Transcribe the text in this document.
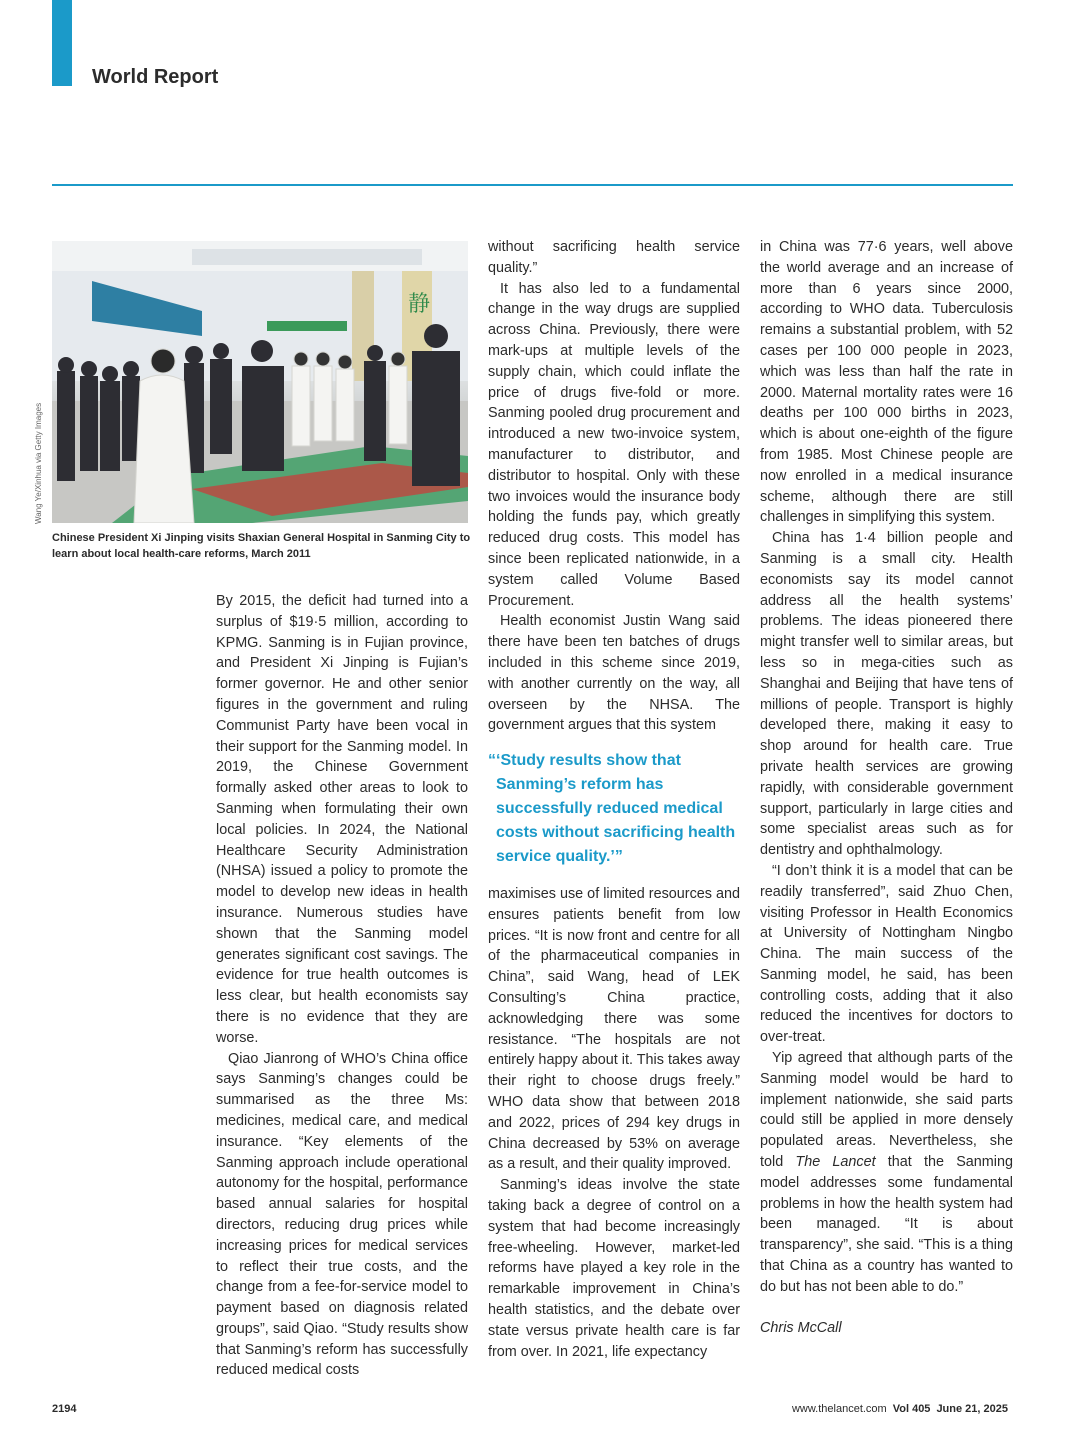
World Report
静
Wang Ye/Xinhua via Getty Images
Chinese President Xi Jinping visits Shaxian General Hospital in Sanming City to learn about local health-care reforms, March 2011

By 2015, the deficit had turned into a surplus of $19·5 million, according to KPMG. Sanming is in Fujian province, and President Xi Jinping is Fujian’s former governor. He and other senior figures in the government and ruling Communist Party have been vocal in their support for the Sanming model. In 2019, the Chinese Government formally asked other areas to look to Sanming when formulating their own local policies. In 2024, the National Healthcare Security Administration (NHSA) issued a policy to promote the model to develop new ideas in health insurance. Numerous studies have shown that the Sanming model generates significant cost savings. The evidence for true health outcomes is less clear, but health economists say there is no evidence that they are worse.

Qiao Jianrong of WHO’s China office says Sanming’s changes could be summarised as the three Ms: medicines, medical care, and medical insurance. “Key elements of the Sanming approach include operational autonomy for the hospital, performance based annual salaries for hospital directors, reducing drug prices while increasing prices for medical services to reflect their true costs, and the change from a fee-for-service model to payment based on diagnosis related groups”, said Qiao. “Study results show that Sanming’s reform has successfully reduced medical costs

without sacrificing health service quality.”

It has also led to a fundamental change in the way drugs are supplied across China. Previously, there were mark-ups at multiple levels of the supply chain, which could inflate the price of drugs five-fold or more. Sanming pooled drug procurement and introduced a new two-invoice system, manufacturer to distributor, and distributor to hospital. Only with these two invoices would the insurance body holding the funds pay, which greatly reduced drug costs. This model has since been replicated nationwide, in a system called Volume Based Procurement.

Health economist Justin Wang said there have been ten batches of drugs included in this scheme since 2019, with another currently on the way, all overseen by the NHSA. The government argues that this system

“ ‘Study results show that Sanming’s reform has successfully reduced medical costs without sacrificing health service quality.’”

maximises use of limited resources and ensures patients benefit from low prices. “It is now front and centre for all of the pharmaceutical companies in China”, said Wang, head of LEK Consulting’s China practice, acknowledging there was some resistance. “The hospitals are not entirely happy about it. This takes away their right to choose drugs freely.” WHO data show that between 2018 and 2022, prices of 294 key drugs in China decreased by 53% on average as a result, and their quality improved.

Sanming’s ideas involve the state taking back a degree of control on a system that had become increasingly free-wheeling. However, market-led reforms have played a key role in the remarkable improvement in China’s health statistics, and the debate over state versus private health care is far from over. In 2021, life expectancy

in China was 77·6 years, well above the world average and an increase of more than 6 years since 2000, according to WHO data. Tuberculosis remains a substantial problem, with 52 cases per 100 000 people in 2023, which was less than half the rate in 2000. Maternal mortality rates were 16 deaths per 100 000 births in 2023, which is about one-eighth of the figure from 1985. Most Chinese people are now enrolled in a medical insurance scheme, although there are still challenges in simplifying this system.

China has 1·4 billion people and Sanming is a small city. Health economists say its model cannot address all the health systems’ problems. The ideas pioneered there might transfer well to similar areas, but less so in mega-cities such as Shanghai and Beijing that have tens of millions of people. Transport is highly developed there, making it easy to shop around for health care. True private health services are growing rapidly, with considerable government support, particularly in large cities and some specialist areas such as for dentistry and ophthalmology.

“I don’t think it is a model that can be readily transferred”, said Zhuo Chen, visiting Professor in Health Economics at University of Nottingham Ningbo China. The main success of the Sanming model, he said, has been controlling costs, adding that it also reduced the incentives for doctors to over-treat.

Yip agreed that although parts of the Sanming model would be hard to implement nationwide, she said parts could still be applied in more densely populated areas. Nevertheless, she told The Lancet that the Sanming model addresses some fundamental problems in how the health system had been managed. “It is about transparency”, she said. “This is a thing that China as a country has wanted to do but has not been able to do.”

Chris McCall

2194	www.thelancet.com Vol 405 June 21, 2025
